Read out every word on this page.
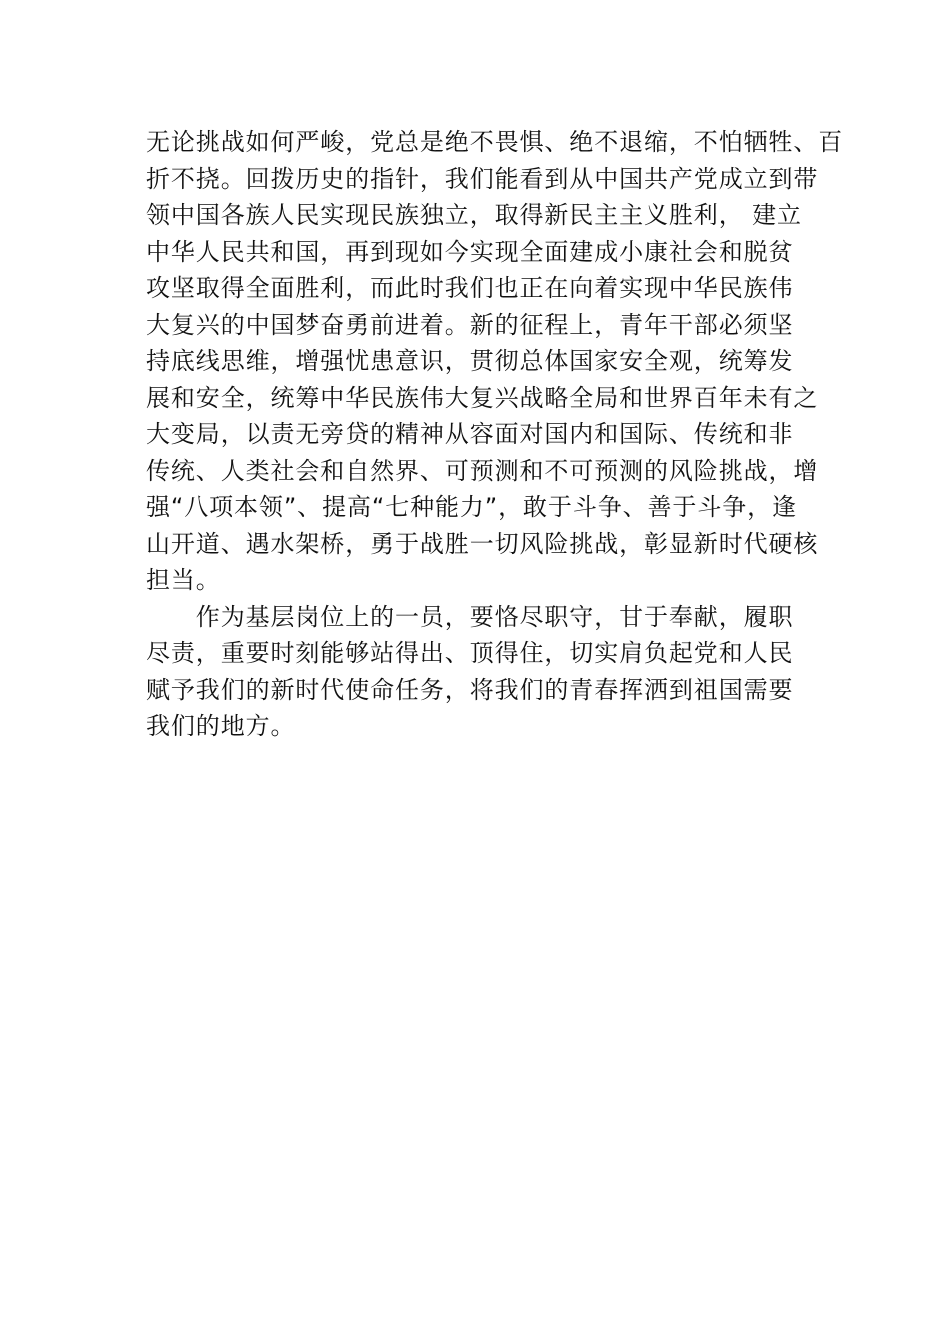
无论挑战如何严峻，党总是绝不畏惧、绝不退缩，不怕牺牲、百
折不挠。回拨历史的指针，我们能看到从中国共产党成立到带
领中国各族人民实现民族独立，取得新民主主义胜利， 建立
中华人民共和国，再到现如今实现全面建成小康社会和脱贫
攻坚取得全面胜利，而此时我们也正在向着实现中华民族伟
大复兴的中国梦奋勇前进着。新的征程上，青年干部必须坚
持底线思维，增强忧患意识，贯彻总体国家安全观，统筹发
展和安全，统筹中华民族伟大复兴战略全局和世界百年未有之
大变局，以责无旁贷的精神从容面对国内和国际、传统和非
传统、人类社会和自然界、可预测和不可预测的风险挑战，增
强“八项本领”、提高“七种能力”，敢于斗争、善于斗争，逢
山开道、遇水架桥，勇于战胜一切风险挑战，彰显新时代硬核
担当。
　　作为基层岗位上的一员，要恪尽职守，甘于奉献，履职
尽责，重要时刻能够站得出、顶得住，切实肩负起党和人民
赋予我们的新时代使命任务，将我们的青春挥洒到祖国需要
我们的地方。
